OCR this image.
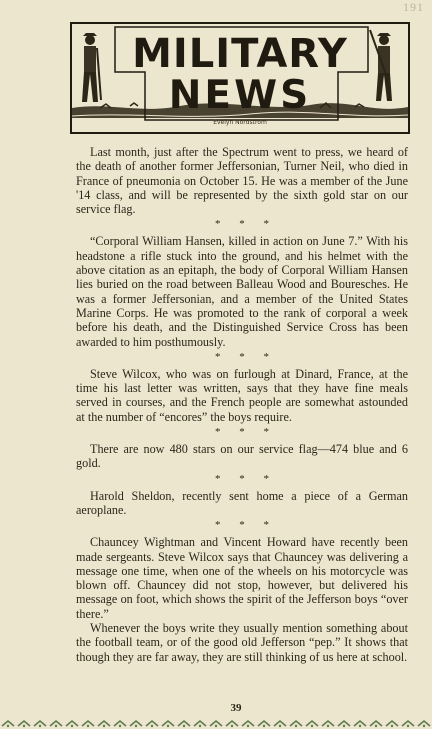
191
MILITARY
NEWS
Evelyn Nordstrom

Last month, just after the Spectrum went to press, we heard of the death of another former Jeffersonian, Turner Neil, who died in France of pneumonia on October 15. He was a member of the June '14 class, and will be represented by the sixth gold star on our service flag.

* * *

“Corporal William Hansen, killed in action on June 7.” With his headstone a rifle stuck into the ground, and his helmet with the above citation as an epitaph, the body of Corporal William Hansen lies buried on the road between Balleau Wood and Bouresches. He was a former Jeffersonian, and a member of the United States Marine Corps. He was promoted to the rank of corporal a week before his death, and the Distinguished Service Cross has been awarded to him posthumously.

* * *

Steve Wilcox, who was on furlough at Dinard, France, at the time his last letter was written, says that they have fine meals served in courses, and the French people are somewhat astounded at the number of “encores” the boys require.

* * *

There are now 480 stars on our service flag—474 blue and 6 gold.

* * *

Harold Sheldon, recently sent home a piece of a German aeroplane.

* * *

Chauncey Wightman and Vincent Howard have recently been made sergeants. Steve Wilcox says that Chauncey was delivering a message one time, when one of the wheels on his motorcycle was blown off. Chauncey did not stop, however, but delivered his message on foot, which shows the spirit of the Jefferson boys “over there.”

Whenever the boys write they usually mention something about the football team, or of the good old Jefferson “pep.” It shows that though they are far away, they are still thinking of us here at school.

39
